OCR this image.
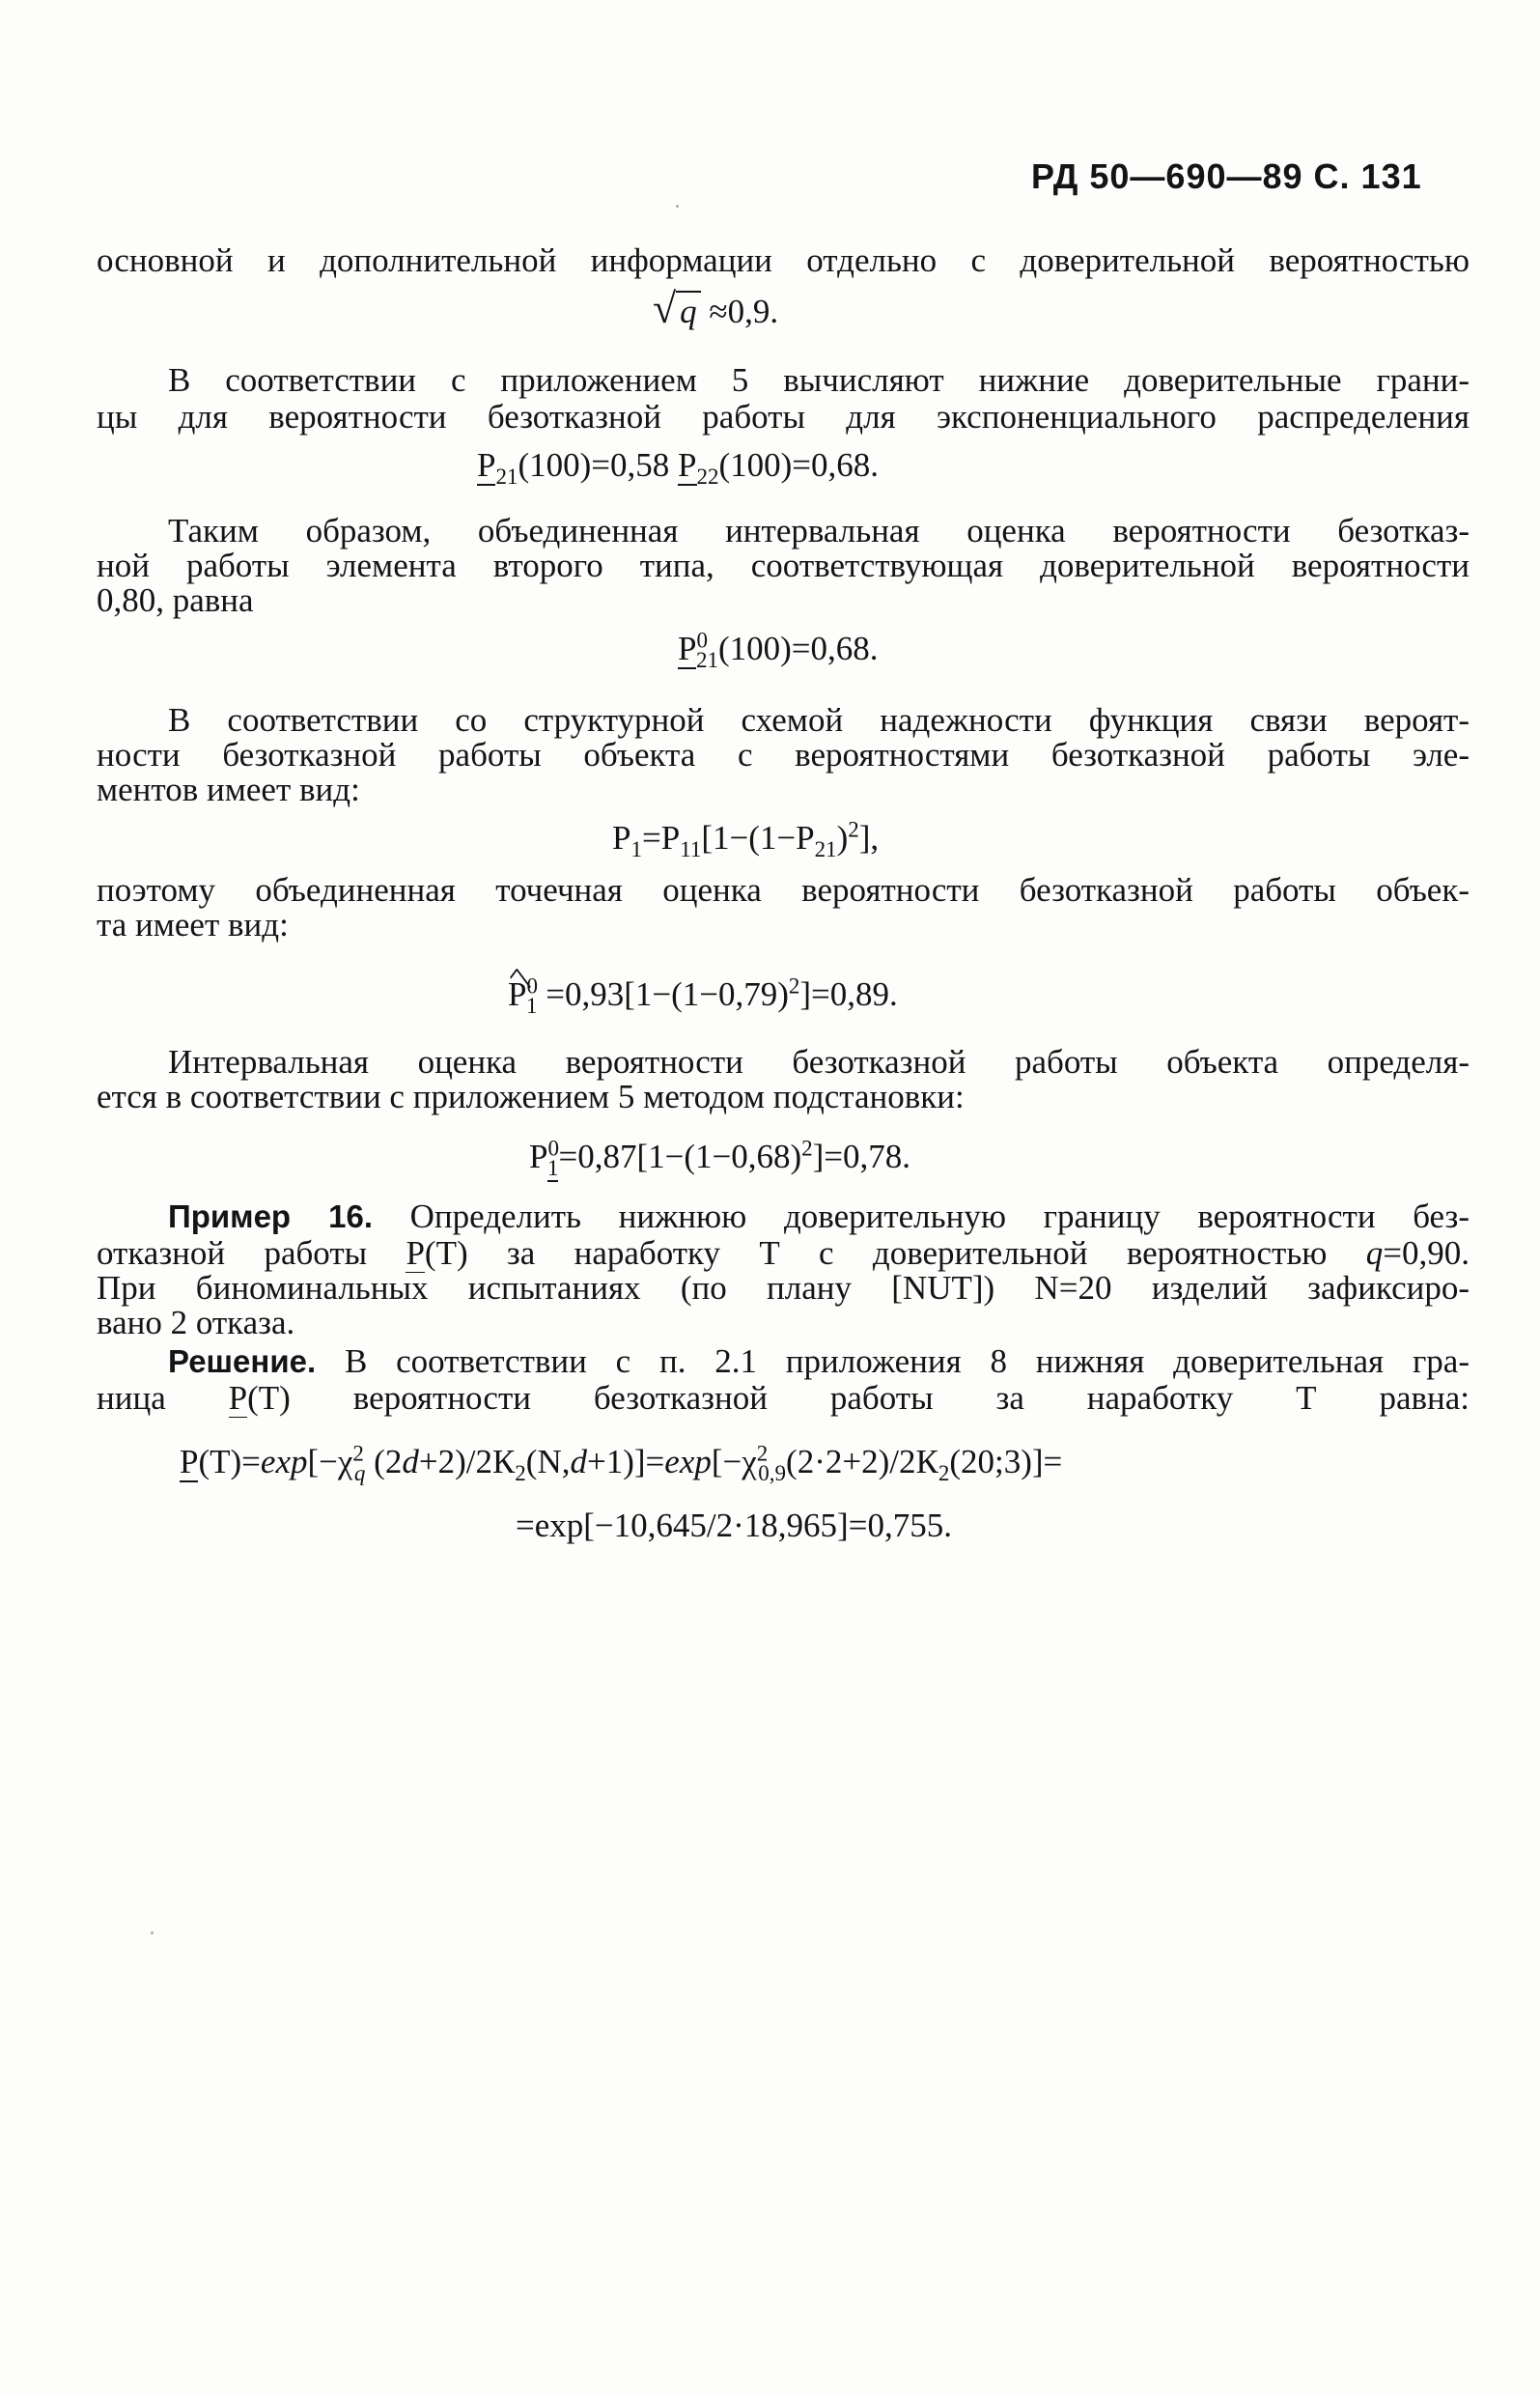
РД 50—690—89 С. 131
основной и дополнительной информации отдельно с доверительной вероятностью
√ q ≈0,9.
В соответствии с приложением 5 вычисляют нижние доверительные грани-
цы для вероятности безотказной работы для экспоненциального распределения
$Р_{21}(100)=0,58$ $Р_{22}(100)=0,68$.
Таким образом, объединенная интервальная оценка вероятности безотказ-
ной работы элемента второго типа, соответствующая доверительной вероятности
0,80, равна
$Р^0_{21}(100)=0,68$.
В соответствии со структурной схемой надежности функция связи вероят-
ности безотказной работы объекта с вероятностями безотказной работы эле-
ментов имеет вид:
$Р_1=Р_{11}[1-(1-Р_{21})^2]$,
поэтому объединенная точечная оценка вероятности безотказной работы объек-
та имеет вид:
$Р^0_1 =0,93[1-(1-0,79)^2]=0,89$.
Интервальная оценка вероятности безотказной работы объекта определя-
ется в соответствии с приложением 5 методом подстановки:
$Р^0_1=0,87[1-(1-0,68)^2]=0,78$.
Пример 16. Определить нижнюю доверительную границу вероятности без-
отказной работы Р(Т) за наработку Т с доверительной вероятностью q=0,90.
При биноминальных испытаниях (по плану [NUT]) N=20 изделий зафиксиро-
вано 2 отказа.
Решение. В соответствии с п. 2.1 приложения 8 нижняя доверительная гра-
ница Р(Т) вероятности безотказной работы за наработку Т равна:
$Р(Т)=\exp[-\chi^2_q$ $(2d+2)/2К_2(N,d+1)]=\exp[-\chi^2_{0,9}(2\cdot 2+2)/2К_2(20;3)]=$
=exp[−10,645/2·18,965]=0,755.
